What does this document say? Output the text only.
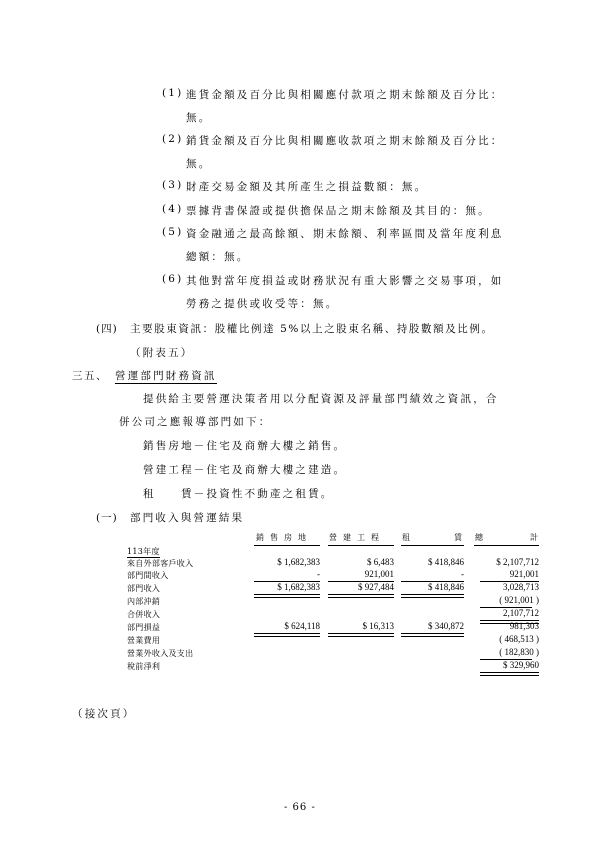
(1) 進貨金額及百分比與相關應付款項之期末餘額及百分比：
無。
(2) 銷貨金額及百分比與相關應收款項之期末餘額及百分比：
無。
(3) 財產交易金額及其所產生之損益數額：無。
(4) 票據背書保證或提供擔保品之期末餘額及其目的：無。
(5) 資金融通之最高餘額、期末餘額、利率區間及當年度利息
總額：無。
(6) 其他對當年度損益或財務狀況有重大影響之交易事項，如
勞務之提供或收受等：無。
(四) 主要股東資訊：股權比例達 5%以上之股東名稱、持股數額及比例。
（附表五）
三五、 營運部門財務資訊
提供給主要營運決策者用以分配資源及評量部門績效之資訊，合
併公司之應報導部門如下：
銷售房地－住宅及商辦大樓之銷售。
營建工程－住宅及商辦大樓之建造。
租　　賃－投資性不動產之租賃。
(一) 部門收入與營運結果
銷售房地 營建工程 租賃 總計
113年度
來自外部客戶收入
部門間收入
部門收入
內部沖銷
合併收入
部門損益
營業費用
營業外收入及支出
稅前淨利
$ 1,682,383
-
$ 1,682,383
$ 624,118
$ 6,483
921,001
$ 927,484
$ 16,313
$ 418,846
-
$ 418,846
$ 340,872
$ 2,107,712
921,001
3,028,713
( 921,001 )
2,107,712
981,303
( 468,513 )
( 182,830 )
$ 329,960
（接次頁）
- 66 -
